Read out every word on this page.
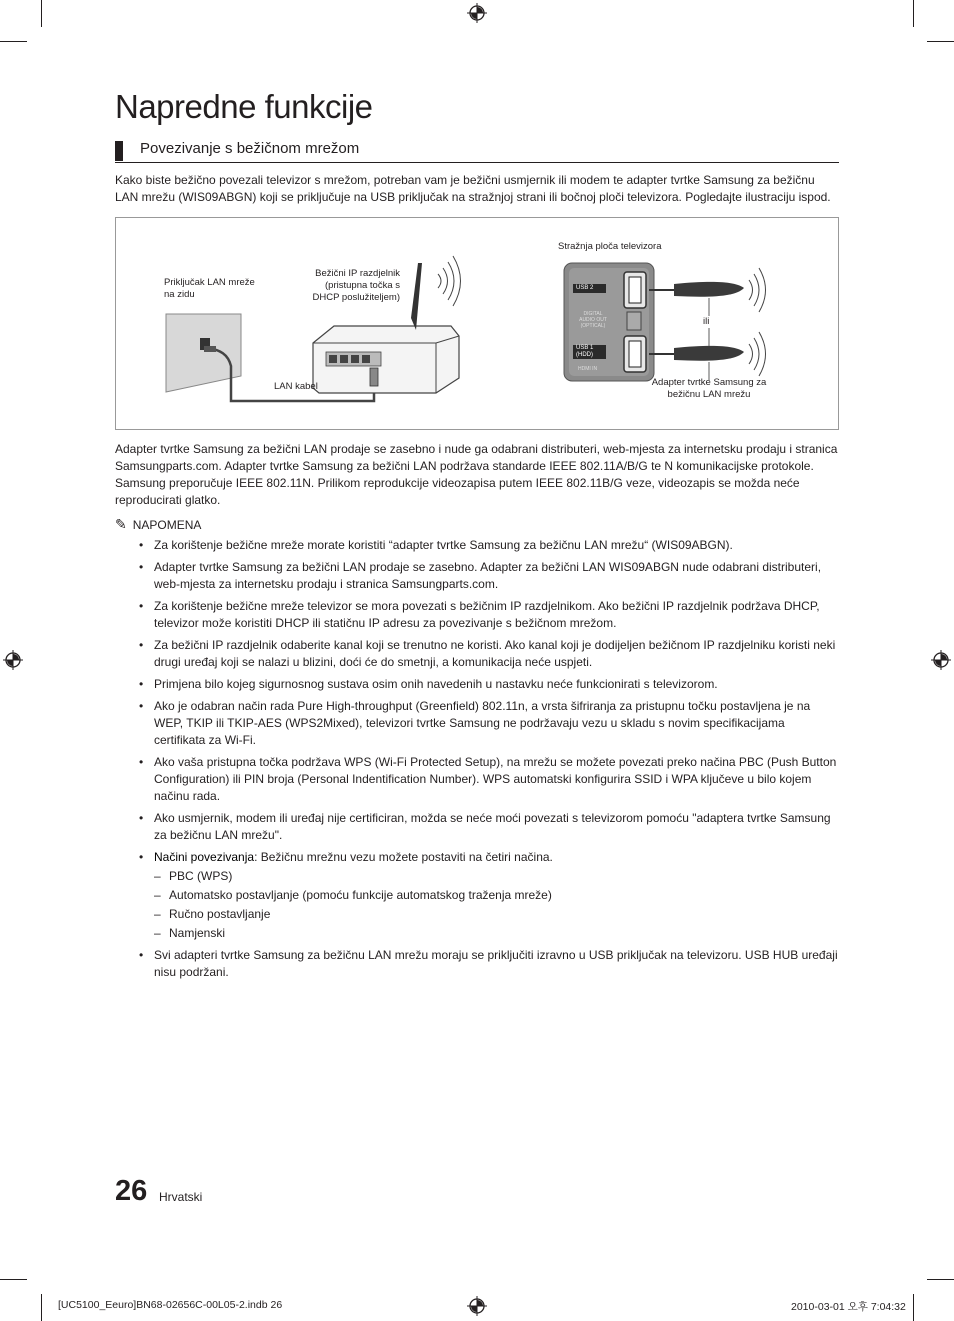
Napredne funkcije
Povezivanje s bežičnom mrežom
Kako biste bežično povezali televizor s mrežom, potreban vam je bežični usmjernik ili modem te adapter tvrtke Samsung za bežičnu LAN mrežu (WIS09ABGN) koji se priključuje na USB priključak na stražnjoj strani ili bočnoj ploči televizora. Pogledajte ilustraciju ispod.
Priključak LAN mreže
na zidu
Bežični IP razdjelnik
(pristupna točka s
DHCP poslužiteljem)
LAN kabel
Stražnja ploča televizora
USB 2
DIGITAL
AUDIO OUT
(OPTICAL)
USB 1
(HDD)
HDMI IN
ili
Adapter tvrtke Samsung za
bežičnu LAN mrežu
Adapter tvrtke Samsung za bežični LAN prodaje se zasebno i nude ga odabrani distributeri, web-mjesta za internetsku prodaju i stranica Samsungparts.com. Adapter tvrtke Samsung za bežični LAN podržava standarde IEEE 802.11A/B/G te N komunikacijske protokole. Samsung preporučuje IEEE 802.11N. Prilikom reprodukcije videozapisa putem IEEE 802.11B/G veze, videozapis se možda neće reproducirati glatko.
✎ NAPOMENA
• Za korištenje bežične mreže morate koristiti “adapter tvrtke Samsung za bežičnu LAN mrežu“ (WIS09ABGN).
• Adapter tvrtke Samsung za bežični LAN prodaje se zasebno. Adapter za bežični LAN WIS09ABGN nude odabrani distributeri, web-mjesta za internetsku prodaju i stranica Samsungparts.com.
• Za korištenje bežične mreže televizor se mora povezati s bežičnim IP razdjelnikom. Ako bežični IP razdjelnik podržava DHCP, televizor može koristiti DHCP ili statičnu IP adresu za povezivanje s bežičnom mrežom.
• Za bežični IP razdjelnik odaberite kanal koji se trenutno ne koristi. Ako kanal koji je dodijeljen bežičnom IP razdjelniku koristi neki drugi uređaj koji se nalazi u blizini, doći će do smetnji, a komunikacija neće uspjeti.
• Primjena bilo kojeg sigurnosnog sustava osim onih navedenih u nastavku neće funkcionirati s televizorom.
• Ako je odabran način rada Pure High-throughput (Greenfield) 802.11n, a vrsta šifriranja za pristupnu točku postavljena je na WEP, TKIP ili TKIP-AES (WPS2Mixed), televizori tvrtke Samsung ne podržavaju vezu u skladu s novim specifikacijama certifikata za Wi-Fi.
• Ako vaša pristupna točka podržava WPS (Wi-Fi Protected Setup), na mrežu se možete povezati preko načina PBC (Push Button Configuration) ili PIN broja (Personal Indentification Number). WPS automatski konfigurira SSID i WPA ključeve u bilo kojem načinu rada.
• Ako usmjernik, modem ili uređaj nije certificiran, možda se neće moći povezati s televizorom pomoću "adaptera tvrtke Samsung za bežičnu LAN mrežu".
• Načini povezivanja: Bežičnu mrežnu vezu možete postaviti na četiri načina.
– PBC (WPS)
– Automatsko postavljanje (pomoću funkcije automatskog traženja mreže)
– Ručno postavljanje
– Namjenski
• Svi adapteri tvrtke Samsung za bežičnu LAN mrežu moraju se priključiti izravno u USB priključak na televizoru. USB HUB uređaji nisu podržani.
26 Hrvatski
[UC5100_Eeuro]BN68-02656C-00L05-2.indb 26	2010-03-01 오후 7:04:32
